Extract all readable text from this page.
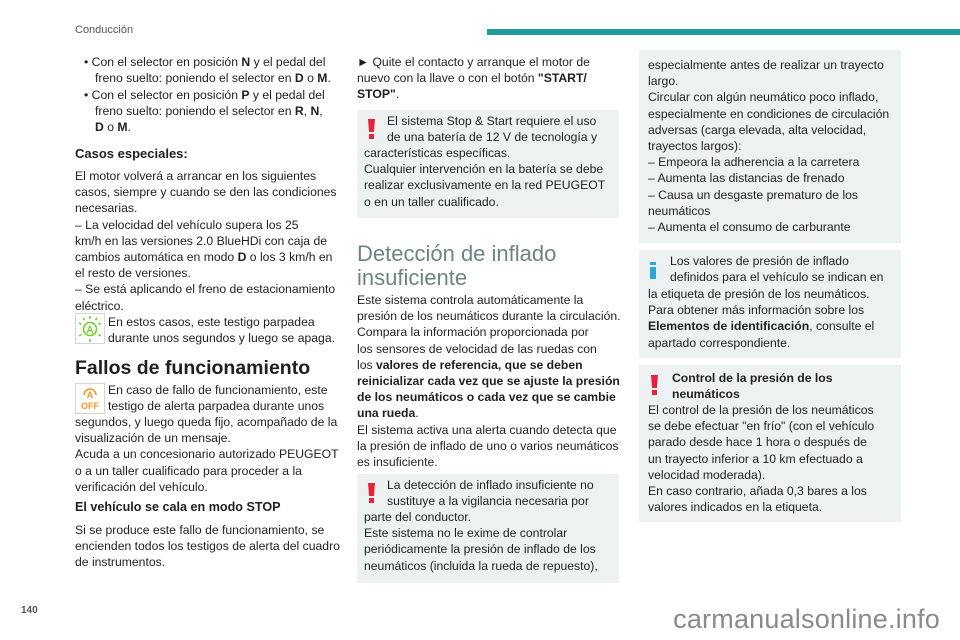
Conducción
140	carmanualsonline.info
• Con el selector en posición N y el pedal del
freno suelto: poniendo el selector en D o M.
• Con el selector en posición P y el pedal del
freno suelto: poniendo el selector en R, N,
D o M.
Casos especiales:
El motor volverá a arrancar en los siguientes
casos, siempre y cuando se den las condiciones
necesarias.
– La velocidad del vehículo supera los 25
km/h en las versiones 2.0 BlueHDi con caja de
cambios automática en modo D o los 3 km/h en
el resto de versiones.
– Se está aplicando el freno de estacionamiento
eléctrico.
A
En estos casos, este testigo parpadea
durante unos segundos y luego se apaga.
Fallos de funcionamiento
A
OFF
En caso de fallo de funcionamiento, este
testigo de alerta parpadea durante unos
segundos, y luego queda fijo, acompañado de la
visualización de un mensaje.
Acuda a un concesionario autorizado PEUGEOT
o a un taller cualificado para proceder a la
verificación del vehículo.
El vehículo se cala en modo STOP
Si se produce este fallo de funcionamiento, se
encienden todos los testigos de alerta del cuadro
de instrumentos.
► Quite el contacto y arranque el motor de
nuevo con la llave o con el botón "START/
STOP".
El sistema Stop & Start requiere el uso
de una batería de 12 V de tecnología y
características específicas.
Cualquier intervención en la batería se debe
realizar exclusivamente en la red PEUGEOT
o en un taller cualificado.
Detección de inflado
insuficiente
Este sistema controla automáticamente la
presión de los neumáticos durante la circulación.
Compara la información proporcionada por
los sensores de velocidad de las ruedas con
los valores de referencia, que se deben
reinicializar cada vez que se ajuste la presión
de los neumáticos o cada vez que se cambie
una rueda.
El sistema activa una alerta cuando detecta que
la presión de inflado de uno o varios neumáticos
es insuficiente.
La detección de inflado insuficiente no
sustituye a la vigilancia necesaria por
parte del conductor.
Este sistema no le exime de controlar
periódicamente la presión de inflado de los
neumáticos (incluida la rueda de repuesto),
especialmente antes de realizar un trayecto
largo.
Circular con algún neumático poco inflado,
especialmente en condiciones de circulación
adversas (carga elevada, alta velocidad,
trayectos largos):
– Empeora la adherencia a la carretera
– Aumenta las distancias de frenado
– Causa un desgaste prematuro de los
neumáticos
– Aumenta el consumo de carburante
Los valores de presión de inflado
definidos para el vehículo se indican en
la etiqueta de presión de los neumáticos.
Para obtener más información sobre los
Elementos de identificación, consulte el
apartado correspondiente.
Control de la presión de los
neumáticos
El control de la presión de los neumáticos
se debe efectuar "en frío" (con el vehículo
parado desde hace 1 hora o después de
un trayecto inferior a 10 km efectuado a
velocidad moderada).
En caso contrario, añada 0,3 bares a los
valores indicados en la etiqueta.
